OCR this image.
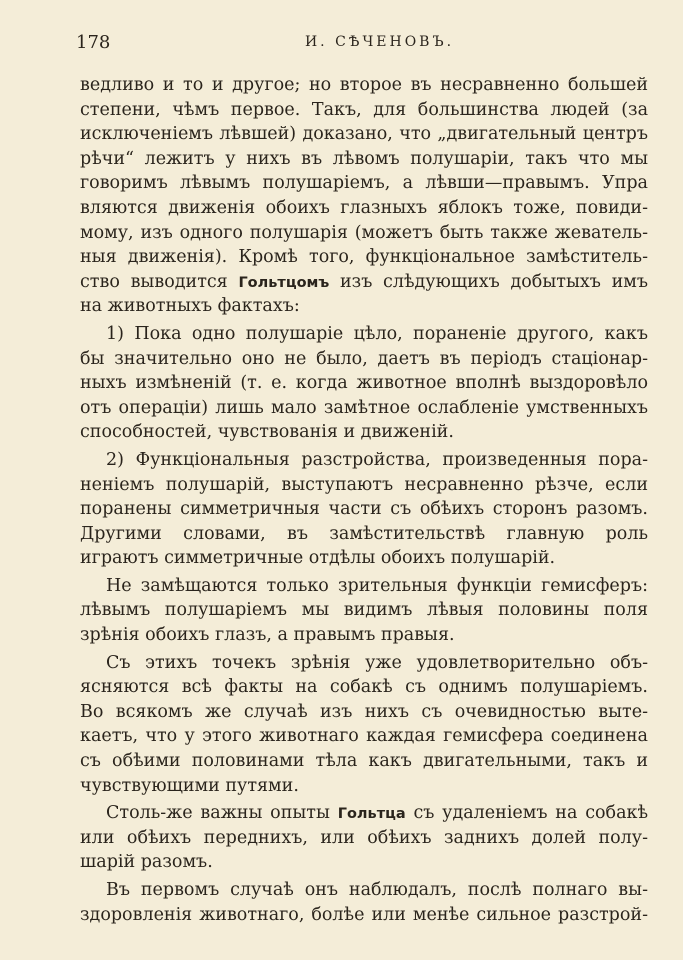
178	И. СѢЧЕНОВЪ.
ведливо и то и другое; но второе въ несравненно большей
степени, чѣмъ первое. Такъ, для большинства людей (за
исключеніемъ лѣвшей) доказано, что „двигательный центръ
рѣчи“ лежитъ у нихъ въ лѣвомъ полушаріи, такъ что мы
говоримъ лѣвымъ полушаріемъ, а лѣвши—правымъ. Упра
вляются движенія обоихъ глазныхъ яблокъ тоже, повиди-
мому, изъ одного полушарія (можетъ быть также жеватель-
ныя движенія). Кромѣ того, функціональное замѣститель-
ство выводится Гольтцомъ изъ слѣдующихъ добытыхъ имъ
на животныхъ фактахъ:
1) Пока одно полушаріе цѣло, пораненіе другого, какъ
бы значительно оно не было, даетъ въ періодъ стаціонар-
ныхъ измѣненій (т. е. когда животное вполнѣ выздоровѣло
отъ операціи) лишь мало замѣтное ослабленіе умственныхъ
способностей, чувствованія и движеній.
2) Функціональныя разстройства, произведенныя пора-
неніемъ полушарій, выступаютъ несравненно рѣзче, если
поранены симметричныя части съ обѣихъ сторонъ разомъ.
Другими словами, въ замѣстительствѣ главную роль
играютъ симметричные отдѣлы обоихъ полушарій.
Не замѣщаются только зрительныя функціи гемисферъ:
лѣвымъ полушаріемъ мы видимъ лѣвыя половины поля
зрѣнія обоихъ глазъ, а правымъ правыя.
Съ этихъ точекъ зрѣнія уже удовлетворительно объ-
ясняются всѣ факты на собакѣ съ однимъ полушаріемъ.
Во всякомъ же случаѣ изъ нихъ съ очевидностью выте-
каетъ, что у этого животнаго каждая гемисфера соединена
съ обѣими половинами тѣла какъ двигательными, такъ и
чувствующими путями.
Столь-же важны опыты Гольтца съ удаленіемъ на собакѣ
или обѣихъ переднихъ, или обѣихъ заднихъ долей полу-
шарій разомъ.
Въ первомъ случаѣ онъ наблюдалъ, послѣ полнаго вы-
здоровленія животнаго, болѣе или менѣе сильное разстрой-
